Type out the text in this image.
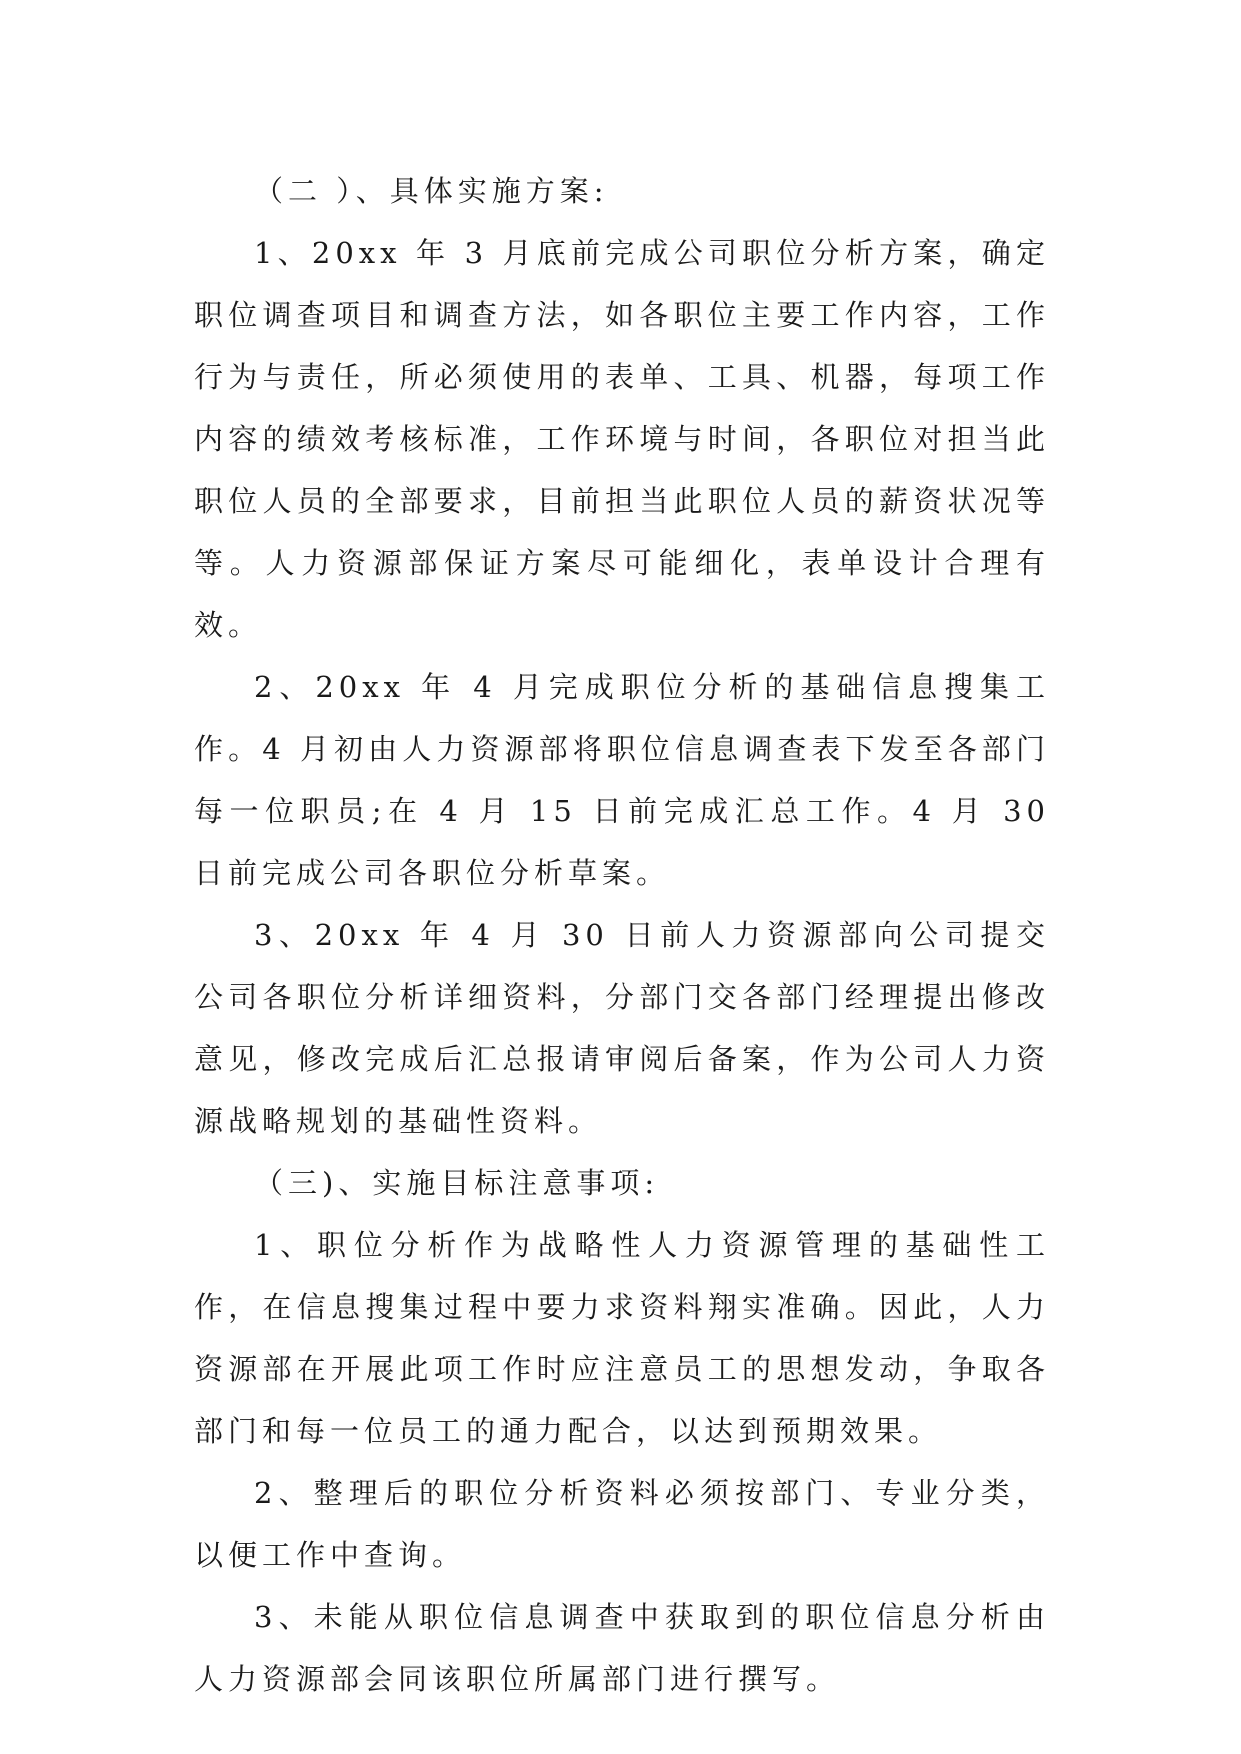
（二 ）、具体实施方案:

1、20xx 年 3 月底前完成公司职位分析方案，确定职位调查项目和调查方法，如各职位主要工作内容，工作行为与责任，所必须使用的表单、工具、机器，每项工作内容的绩效考核标准，工作环境与时间，各职位对担当此职位人员的全部要求，目前担当此职位人员的薪资状况等等。人力资源部保证方案尽可能细化，表单设计合理有效。

2、20xx 年 4 月完成职位分析的基础信息搜集工作。4 月初由人力资源部将职位信息调查表下发至各部门每一位职员;在 4 月 15 日前完成汇总工作。4 月 30 日前完成公司各职位分析草案。

3、20xx 年 4 月 30 日前人力资源部向公司提交公司各职位分析详细资料，分部门交各部门经理提出修改意见，修改完成后汇总报请审阅后备案，作为公司人力资源战略规划的基础性资料。

（三)、实施目标注意事项:

1、职位分析作为战略性人力资源管理的基础性工作，在信息搜集过程中要力求资料翔实准确。因此，人力资源部在开展此项工作时应注意员工的思想发动，争取各部门和每一位员工的通力配合，以达到预期效果。

2、整理后的职位分析资料必须按部门、专业分类，以便工作中查询。

3、未能从职位信息调查中获取到的职位信息分析由人力资源部会同该职位所属部门进行撰写。
